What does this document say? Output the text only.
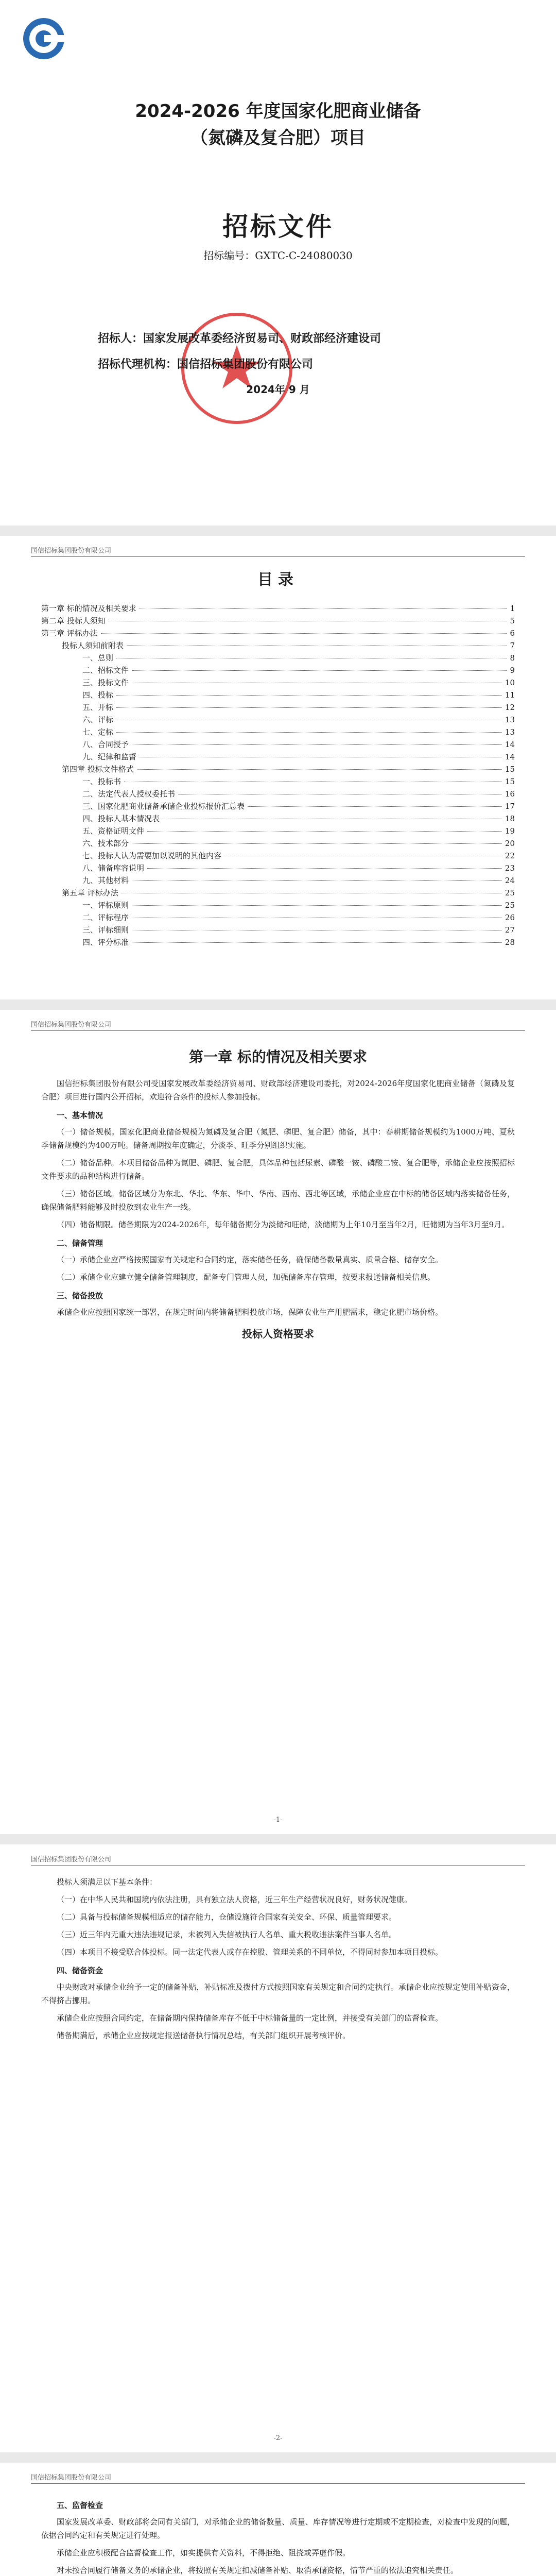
2024-2026 年度国家化肥商业储备
（氮磷及复合肥）项目
招标文件
招标编号：GXTC-C-24080030
招标人：国家发展改革委经济贸易司、财政部经济建设司
招标代理机构：国信招标集团股份有限公司
2024年 9 月
国信招标集团股份有限公司
目录
第一章 标的情况及相关要求	1
第二章 投标人须知	5
第三章 评标办法	6
投标人须知前附表	7
一、总则	8
二、招标文件	9
三、投标文件	10
四、投标	11
五、开标	12
六、评标	13
七、定标	13
八、合同授予	14
九、纪律和监督	14
第四章 投标文件格式	15
一、投标书	15
二、法定代表人授权委托书	16
三、国家化肥商业储备承储企业投标报价汇总表	17
四、投标人基本情况表	18
五、资格证明文件	19
六、技术部分	20
七、投标人认为需要加以说明的其他内容	22
八、储备库容说明	23
九、其他材料	24
第五章 评标办法	25
一、评标原则	25
二、评标程序	26
三、评标细则	27
四、评分标准	28
国信招标集团股份有限公司
第一章 标的情况及相关要求

国信招标集团股份有限公司受国家发展改革委经济贸易司、财政部经济建设司委托，对2024-2026年度国家化肥商业储备（氮磷及复合肥）项目进行国内公开招标，欢迎符合条件的投标人参加投标。

一、基本情况

（一）储备规模。国家化肥商业储备规模为氮磷及复合肥（氮肥、磷肥、复合肥）储备，其中：春耕期储备规模约为1000万吨、夏秋季储备规模约为400万吨。储备周期按年度确定，分淡季、旺季分别组织实施。

（二）储备品种。本项目储备品种为氮肥、磷肥、复合肥，具体品种包括尿素、磷酸一铵、磷酸二铵、复合肥等，承储企业应按照招标文件要求的品种结构进行储备。

（三）储备区域。储备区域分为东北、华北、华东、华中、华南、西南、西北等区域，承储企业应在中标的储备区域内落实储备任务，确保储备肥料能够及时投放到农业生产一线。

（四）储备期限。储备期限为2024-2026年，每年储备期分为淡储和旺储，淡储期为上年10月至当年2月，旺储期为当年3月至9月。

二、储备管理

（一）承储企业应严格按照国家有关规定和合同约定，落实储备任务，确保储备数量真实、质量合格、储存安全。

（二）承储企业应建立健全储备管理制度，配备专门管理人员，加强储备库存管理，按要求报送储备相关信息。

三、储备投放

承储企业应按照国家统一部署，在规定时间内将储备肥料投放市场，保障农业生产用肥需求，稳定化肥市场价格。

投标人资格要求
-1-
国信招标集团股份有限公司

投标人须满足以下基本条件：

（一）在中华人民共和国境内依法注册，具有独立法人资格，近三年生产经营状况良好，财务状况健康。

（二）具备与投标储备规模相适应的储存能力，仓储设施符合国家有关安全、环保、质量管理要求。

（三）近三年内无重大违法违规记录，未被列入失信被执行人名单、重大税收违法案件当事人名单。

（四）本项目不接受联合体投标。同一法定代表人或存在控股、管理关系的不同单位，不得同时参加本项目投标。

四、储备资金

中央财政对承储企业给予一定的储备补贴，补贴标准及拨付方式按照国家有关规定和合同约定执行。承储企业应按规定使用补贴资金，不得挤占挪用。

承储企业应按照合同约定，在储备期内保持储备库存不低于中标储备量的一定比例，并接受有关部门的监督检查。

储备期满后，承储企业应按规定报送储备执行情况总结，有关部门组织开展考核评价。

-2-
国信招标集团股份有限公司
五、监督检查

国家发展改革委、财政部将会同有关部门，对承储企业的储备数量、质量、库存情况等进行定期或不定期检查，对检查中发现的问题，依据合同约定和有关规定进行处理。

承储企业应积极配合监督检查工作，如实提供有关资料，不得拒绝、阻挠或弄虚作假。

对未按合同履行储备义务的承储企业，将按照有关规定扣减储备补贴、取消承储资格，情节严重的依法追究相关责任。
